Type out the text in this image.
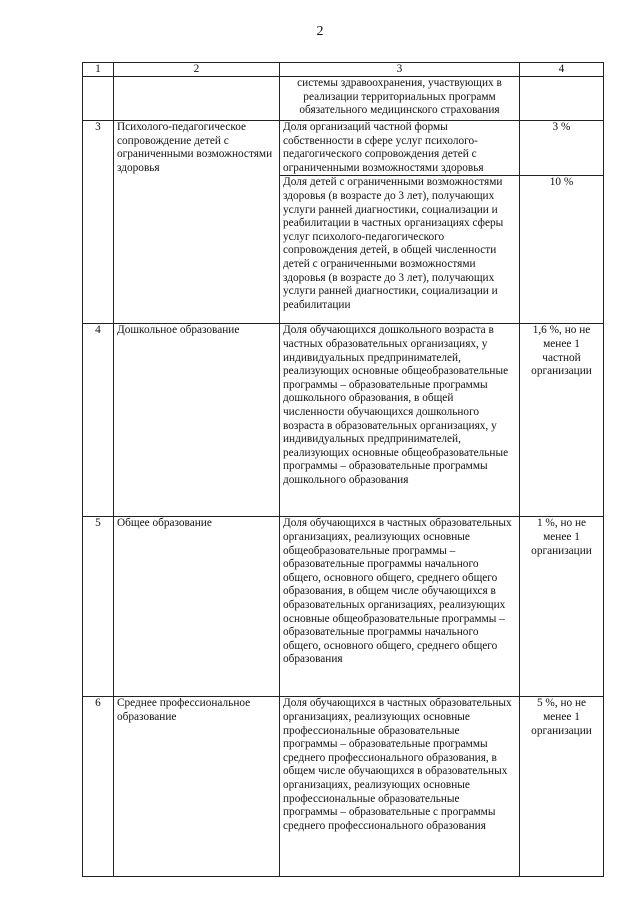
2
1	2	3	4
		системы здравоохранения, участвующих в реализации территориальных программ обязательного медицинского страхования	
3	Психолого-педагогическое сопровождение детей с ограниченными возможностями здоровья	Доля организаций частной формы собственности в сфере услуг психолого-педагогического сопровождения детей с ограниченными возможностями здоровья	3 %
		Доля детей с ограниченными возможностями здоровья (в возрасте до 3 лет), получающих услуги ранней диагностики, социализации и реабилитации в частных организациях сферы услуг психолого-педагогического сопровождения детей, в общей численности детей с ограниченными возможностями здоровья (в возрасте до 3 лет), получающих услуги ранней диагностики, социализации и реабилитации	10 %
4	Дошкольное образование	Доля обучающихся дошкольного возраста в частных образовательных организациях, у индивидуальных предпринимателей, реализующих основные общеобразовательные программы – образовательные программы дошкольного образования, в общей численности обучающихся дошкольного возраста в образовательных организациях, у индивидуальных предпринимателей, реализующих основные общеобразовательные программы – образовательные программы дошкольного образования	1,6 %, но не менее 1 частной организации
5	Общее образование	Доля обучающихся в частных образовательных организациях, реализующих основные общеобразовательные программы – образовательные программы начального общего, основного общего, среднего общего образования, в общем числе обучающихся в образовательных организациях, реализующих основные общеобразовательные программы – образовательные программы начального общего, основного общего, среднего общего образования	1 %, но не менее 1 организации
6	Среднее профессиональное образование	Доля обучающихся в частных образовательных организациях, реализующих основные профессиональные образовательные программы – образовательные программы среднего профессионального образования, в общем числе обучающихся в образовательных организациях, реализующих основные профессиональные образовательные программы – образовательные с программы среднего профессионального образования	5 %, но не менее 1 организации
